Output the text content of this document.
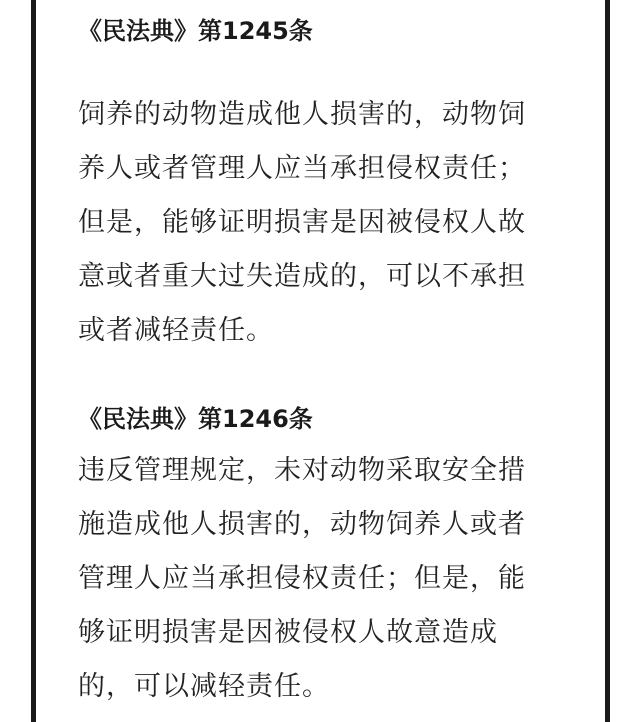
《民法典》第1245条
饲养的动物造成他人损害的，动物饲
养人或者管理人应当承担侵权责任；
但是，能够证明损害是因被侵权人故
意或者重大过失造成的，可以不承担
或者减轻责任。
《民法典》第1246条
违反管理规定，未对动物采取安全措
施造成他人损害的，动物饲养人或者
管理人应当承担侵权责任；但是，能
够证明损害是因被侵权人故意造成
的，可以减轻责任。
